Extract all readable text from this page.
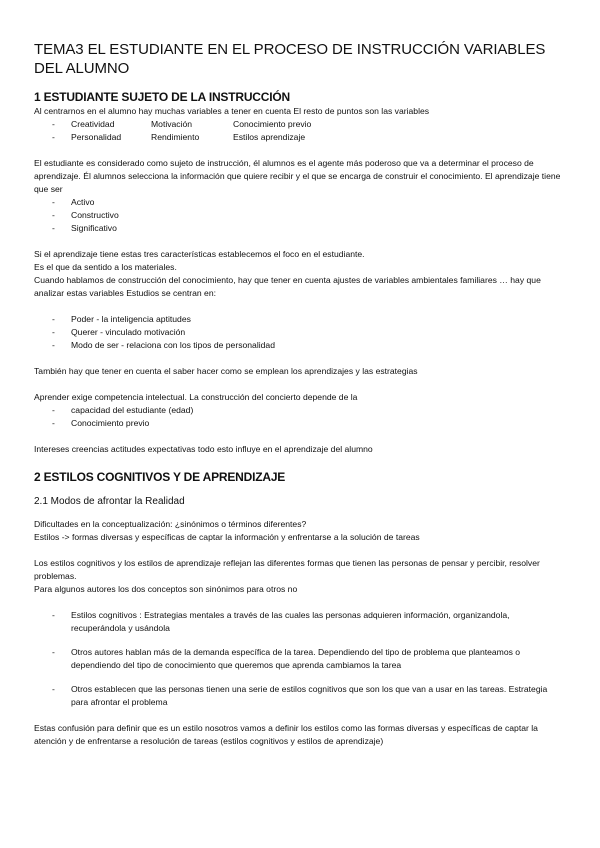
TEMA3 EL ESTUDIANTE EN EL PROCESO DE INSTRUCCIÓN VARIABLES DEL ALUMNO
1 ESTUDIANTE SUJETO DE LA INSTRUCCIÓN

Al centrarnos en el alumno hay muchas variables a tener en cuenta El resto de puntos son las variables

- Creatividad	Motivación	Conocimiento previo
- Personalidad	Rendimiento	Estilos aprendizaje

El estudiante es considerado como sujeto de instrucción, él alumnos es el agente más poderoso que va a determinar el proceso de aprendizaje. Él alumnos selecciona la información que quiere recibir y el que se encarga de construir el conocimiento. El aprendizaje tiene que ser

- Activo
- Constructivo
- Significativo

Si el aprendizaje tiene estas tres características establecemos el foco en el estudiante.

Es el que da sentido a los materiales.

Cuando hablamos de construcción del conocimiento, hay que tener en cuenta ajustes de variables ambientales familiares … hay que analizar estas variables Estudios se centran en:

- Poder - la inteligencia aptitudes
- Querer - vinculado motivación
- Modo de ser - relaciona con los tipos de personalidad

También hay que tener en cuenta el saber hacer como se emplean los aprendizajes y las estrategias

Aprender exige competencia intelectual. La construcción del concierto depende de la

- capacidad del estudiante (edad)
- Conocimiento previo

Intereses creencias actitudes expectativas todo esto influye en el aprendizaje del alumno

2 ESTILOS COGNITIVOS Y DE APRENDIZAJE
2.1 Modos de afrontar la Realidad

Dificultades en la conceptualización: ¿sinónimos o términos diferentes?

Estilos -> formas diversas y específicas de captar la información y enfrentarse a la solución de tareas

Los estilos cognitivos y los estilos de aprendizaje reflejan las diferentes formas que tienen las personas de pensar y percibir, resolver problemas.

Para algunos autores los dos conceptos son sinónimos para otros no

- Estilos cognitivos : Estrategias mentales a través de las cuales las personas adquieren información, organizandola, recuperándola y usándola
- Otros autores hablan más de la demanda específica de la tarea. Dependiendo del tipo de problema que planteamos o dependiendo del tipo de conocimiento que queremos que aprenda cambiamos la tarea
- Otros establecen que las personas tienen una serie de estilos cognitivos que son los que van a usar en las tareas. Estrategia para afrontar el problema

Estas confusión para definir que es un estilo nosotros vamos a definir los estilos como las formas diversas y específicas de captar la atención y de enfrentarse a resolución de tareas (estilos cognitivos y estilos de aprendizaje)
